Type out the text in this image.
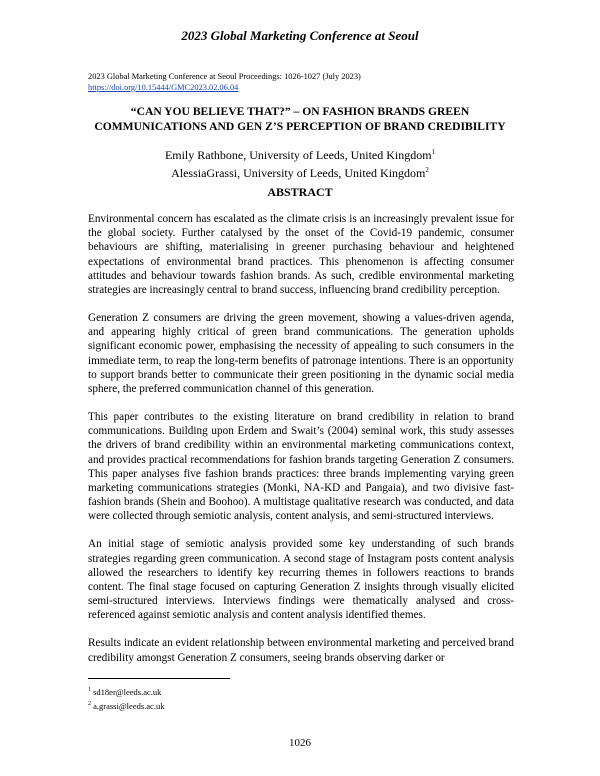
2023 Global Marketing Conference at Seoul
2023 Global Marketing Conference at Seoul Proceedings: 1026-1027 (July 2023)
https://doi.org/10.15444/GMC2023.02.06.04
“CAN YOU BELIEVE THAT?” – ON FASHION BRANDS GREEN
COMMUNICATIONS AND GEN Z’S PERCEPTION OF BRAND CREDIBILITY
Emily Rathbone, University of Leeds, United Kingdom$^1$
AlessiaGrassi, University of Leeds, United Kingdom$^2$
ABSTRACT

Environmental concern has escalated as the climate crisis is an increasingly prevalent issue for the global society. Further catalysed by the onset of the Covid-19 pandemic, consumer behaviours are shifting, materialising in greener purchasing behaviour and heightened expectations of environmental brand practices. This phenomenon is affecting consumer attitudes and behaviour towards fashion brands. As such, credible environmental marketing strategies are increasingly central to brand success, influencing brand credibility perception.

Generation Z consumers are driving the green movement, showing a values-driven agenda, and appearing highly critical of green brand communications. The generation upholds significant economic power, emphasising the necessity of appealing to such consumers in the immediate term, to reap the long-term benefits of patronage intentions. There is an opportunity to support brands better to communicate their green positioning in the dynamic social media sphere, the preferred communication channel of this generation.

This paper contributes to the existing literature on brand credibility in relation to brand communications. Building upon Erdem and Swait’s (2004) seminal work, this study assesses the drivers of brand credibility within an environmental marketing communications context, and provides practical recommendations for fashion brands targeting Generation Z consumers. This paper analyses five fashion brands practices: three brands implementing varying green marketing communications strategies (Monki, NA-KD and Pangaia), and two divisive fast-fashion brands (Shein and Boohoo). A multistage qualitative research was conducted, and data were collected through semiotic analysis, content analysis, and semi-structured interviews.

An initial stage of semiotic analysis provided some key understanding of such brands strategies regarding green communication. A second stage of Instagram posts content analysis allowed the researchers to identify key recurring themes in followers reactions to brands content. The final stage focused on capturing Generation Z insights through visually elicited semi-structured interviews. Interviews findings were thematically analysed and cross-referenced against semiotic analysis and content analysis identified themes.

Results indicate an evident relationship between environmental marketing and perceived brand credibility amongst Generation Z consumers, seeing brands observing darker or

$^1$ sd18er@leeds.ac.uk
$^2$ a.grassi@leeds.ac.uk
1026
